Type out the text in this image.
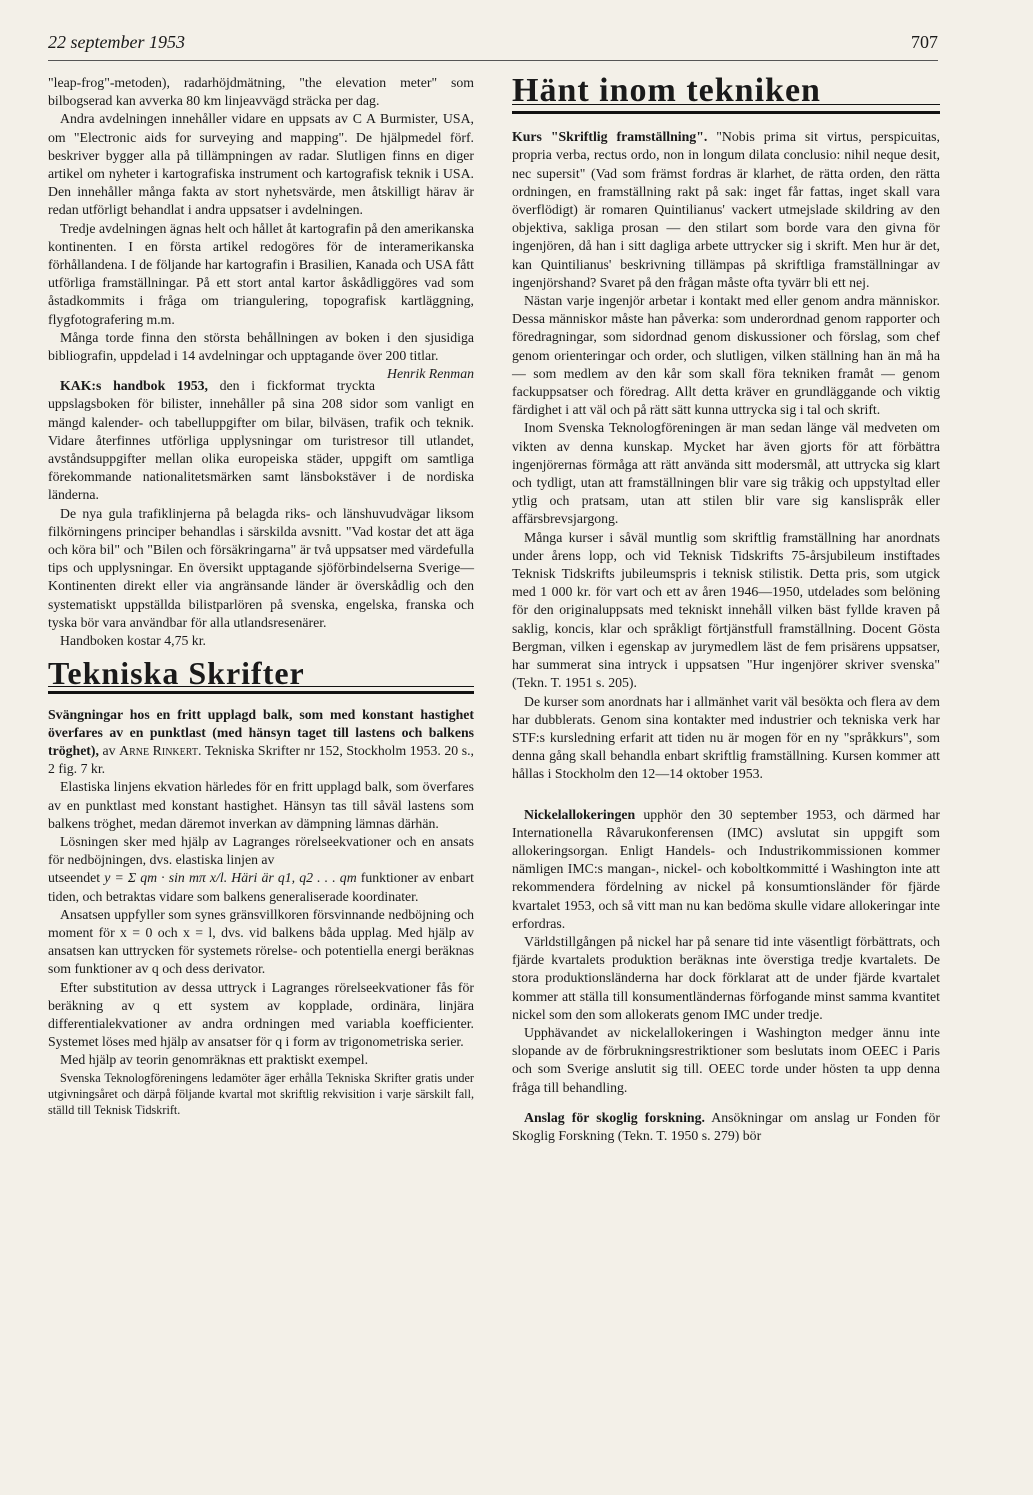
22 september 1953	707

"leap-frog"-metoden), radarhöjdmätning, "the elevation meter" som bilbogserad kan avverka 80 km linjeavvägd sträcka per dag.

Andra avdelningen innehåller vidare en uppsats av C A Burmister, USA, om "Electronic aids for surveying and mapping". De hjälpmedel förf. beskriver bygger alla på tillämpningen av radar. Slutligen finns en diger artikel om nyheter i kartografiska instrument och kartografisk teknik i USA. Den innehåller många fakta av stort nyhetsvärde, men åtskilligt härav är redan utförligt behandlat i andra uppsatser i avdelningen.

Tredje avdelningen ägnas helt och hållet åt kartografin på den amerikanska kontinenten. I en första artikel redogöres för de interamerikanska förhållandena. I de följande har kartografin i Brasilien, Kanada och USA fått utförliga framställningar. På ett stort antal kartor åskådliggöres vad som åstadkommits i fråga om triangulering, topografisk kartläggning, flygfotografering m.m.

Många torde finna den största behållningen av boken i den sjusidiga bibliografin, uppdelad i 14 avdelningar och upptagande över 200 titlar.
Henrik Renman

KAK:s handbok 1953, den i fickformat tryckta uppslagsboken för bilister, innehåller på sina 208 sidor som vanligt en mängd kalender- och tabelluppgifter om bilar, bilväsen, trafik och teknik. Vidare återfinnes utförliga upplysningar om turistresor till utlandet, avståndsuppgifter mellan olika europeiska städer, uppgift om samtliga förekommande nationalitetsmärken samt länsbokstäver i de nordiska länderna.

De nya gula trafiklinjerna på belagda riks- och länshuvudvägar liksom filkörningens principer behandlas i särskilda avsnitt. "Vad kostar det att äga och köra bil" och "Bilen och försäkringarna" är två uppsatser med värdefulla tips och upplysningar. En översikt upptagande sjöförbindelserna Sverige—Kontinenten direkt eller via angränsande länder är överskådlig och den systematiskt uppställda bilistparlören på svenska, engelska, franska och tyska bör vara användbar för alla utlandsresenärer.

Handboken kostar 4,75 kr.

Tekniska Skrifter

Svängningar hos en fritt upplagd balk, som med konstant hastighet överfares av en punktlast (med hänsyn taget till lastens och balkens tröghet), av Arne Rinkert. Tekniska Skrifter nr 152, Stockholm 1953. 20 s., 2 fig. 7 kr.

Elastiska linjens ekvation härledes för en fritt upplagd balk, som överfares av en punktlast med konstant hastighet. Hänsyn tas till såväl lastens som balkens tröghet, medan däremot inverkan av dämpning lämnas därhän.

Lösningen sker med hjälp av Lagranges rörelseekvationer och en ansats för nedböjningen, dvs. elastiska linjen av

utseendet y = Σ qm · sin mπ x/l. Häri är q1, q2 . . . qm funktioner av enbart tiden, och betraktas vidare som balkens generaliserade koordinater.

Ansatsen uppfyller som synes gränsvillkoren försvinnande nedböjning och moment för x = 0 och x = l, dvs. vid balkens båda upplag. Med hjälp av ansatsen kan uttrycken för systemets rörelse- och potentiella energi beräknas som funktioner av q och dess derivator.

Efter substitution av dessa uttryck i Lagranges rörelseekvationer fås för beräkning av q ett system av kopplade, ordinära, linjära differentialekvationer av andra ordningen med variabla koefficienter. Systemet löses med hjälp av ansatser för q i form av trigonometriska serier.

Med hjälp av teorin genomräknas ett praktiskt exempel.

Svenska Teknologföreningens ledamöter äger erhålla Tekniska Skrifter gratis under utgivningsåret och därpå följande kvartal mot skriftlig rekvisition i varje särskilt fall, ställd till Teknisk Tidskrift.

Hänt inom tekniken

Kurs "Skriftlig framställning". "Nobis prima sit virtus, perspicuitas, propria verba, rectus ordo, non in longum dilata conclusio: nihil neque desit, nec supersit" (Vad som främst fordras är klarhet, de rätta orden, den rätta ordningen, en framställning rakt på sak: inget får fattas, inget skall vara överflödigt) är romaren Quintilianus' vackert utmejslade skildring av den objektiva, sakliga prosan — den stilart som borde vara den givna för ingenjören, då han i sitt dagliga arbete uttrycker sig i skrift. Men hur är det, kan Quintilianus' beskrivning tillämpas på skriftliga framställningar av ingenjörshand? Svaret på den frågan måste ofta tyvärr bli ett nej.

Nästan varje ingenjör arbetar i kontakt med eller genom andra människor. Dessa människor måste han påverka: som underordnad genom rapporter och föredragningar, som sidordnad genom diskussioner och förslag, som chef genom orienteringar och order, och slutligen, vilken ställning han än må ha — som medlem av den kår som skall föra tekniken framåt — genom fackuppsatser och föredrag. Allt detta kräver en grundläggande och viktig färdighet i att väl och på rätt sätt kunna uttrycka sig i tal och skrift.

Inom Svenska Teknologföreningen är man sedan länge väl medveten om vikten av denna kunskap. Mycket har även gjorts för att förbättra ingenjörernas förmåga att rätt använda sitt modersmål, att uttrycka sig klart och tydligt, utan att framställningen blir vare sig tråkig och uppstyltad eller ytlig och pratsam, utan att stilen blir vare sig kanslispråk eller affärsbrevsjargong.

Många kurser i såväl muntlig som skriftlig framställning har anordnats under årens lopp, och vid Teknisk Tidskrifts 75-årsjubileum instiftades Teknisk Tidskrifts jubileumspris i teknisk stilistik. Detta pris, som utgick med 1 000 kr. för vart och ett av åren 1946—1950, utdelades som belöning för den originaluppsats med tekniskt innehåll vilken bäst fyllde kraven på saklig, koncis, klar och språkligt förtjänstfull framställning. Docent Gösta Bergman, vilken i egenskap av jurymedlem läst de fem prisärens uppsatser, har summerat sina intryck i uppsatsen "Hur ingenjörer skriver svenska" (Tekn. T. 1951 s. 205).

De kurser som anordnats har i allmänhet varit väl besökta och flera av dem har dubblerats. Genom sina kontakter med industrier och tekniska verk har STF:s kursledning erfarit att tiden nu är mogen för en ny "språkkurs", som denna gång skall behandla enbart skriftlig framställning. Kursen kommer att hållas i Stockholm den 12—14 oktober 1953.

Nickelallokeringen upphör den 30 september 1953, och därmed har Internationella Råvarukonferensen (IMC) avslutat sin uppgift som allokeringsorgan. Enligt Handels- och Industrikommissionen kommer nämligen IMC:s mangan-, nickel- och koboltkommitté i Washington inte att rekommendera fördelning av nickel på konsumtionsländer för fjärde kvartalet 1953, och så vitt man nu kan bedöma skulle vidare allokeringar inte erfordras.

Världstillgången på nickel har på senare tid inte väsentligt förbättrats, och fjärde kvartalets produktion beräknas inte överstiga tredje kvartalets. De stora produktionsländerna har dock förklarat att de under fjärde kvartalet kommer att ställa till konsumentländernas förfogande minst samma kvantitet nickel som den som allokerats genom IMC under tredje.

Upphävandet av nickelallokeringen i Washington medger ännu inte slopande av de förbrukningsrestriktioner som beslutats inom OEEC i Paris och som Sverige anslutit sig till. OEEC torde under hösten ta upp denna fråga till behandling.

Anslag för skoglig forskning. Ansökningar om anslag ur Fonden för Skoglig Forskning (Tekn. T. 1950 s. 279) bör
